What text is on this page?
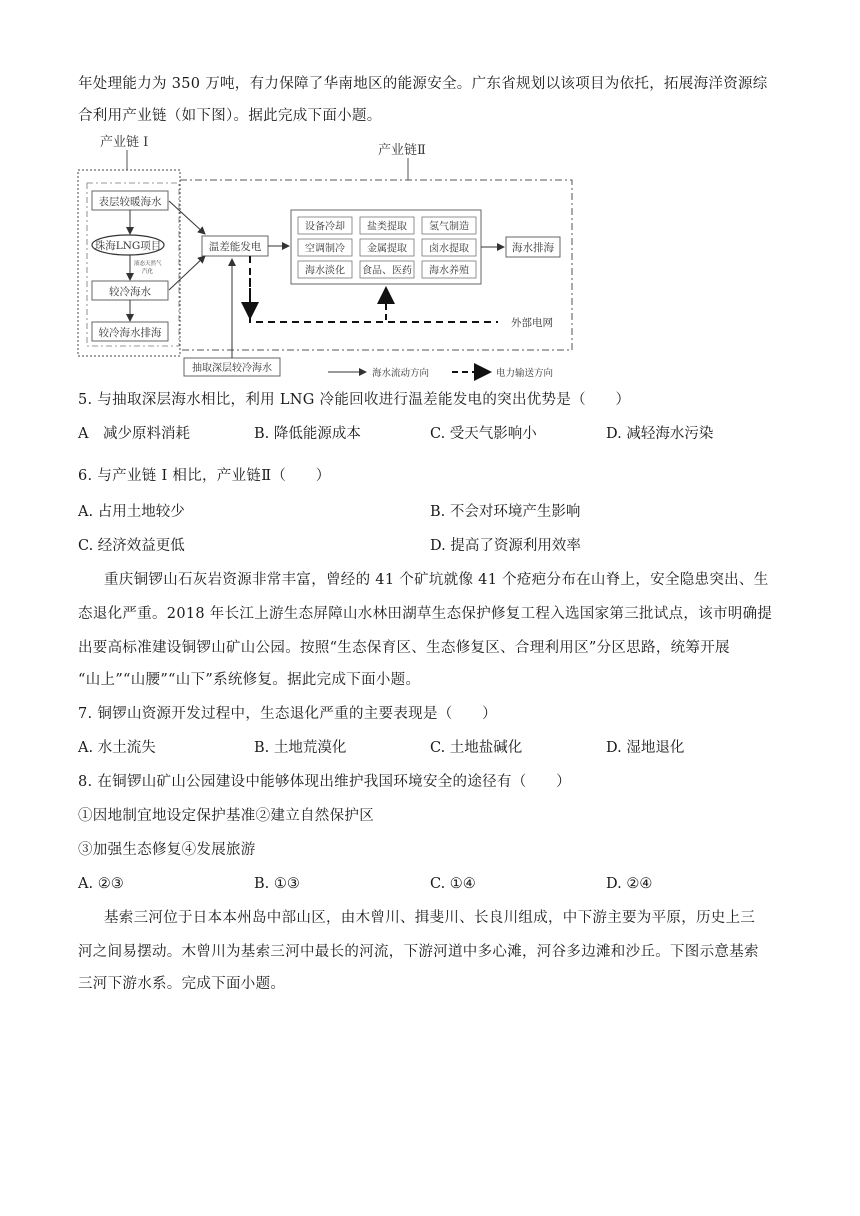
年处理能力为 350 万吨，有力保障了华南地区的能源安全。广东省规划以该项目为依托，拓展海洋资源综
合利用产业链（如下图）。据此完成下面小题。
产业链 I
产业链Ⅱ
表层较暖海水
珠海LNG项目
液态天然气
汽化
较冷海水
较冷海水排海
温差能发电
抽取深层较冷海水
设备冷却 盐类提取 氢气制造
空调制冷 金属提取 卤水提取
海水淡化 食品、医药 海水养殖
海水排海
外部电网
海水流动方向	电力输送方向
5. 与抽取深层海水相比，利用 LNG 冷能回收进行温差能发电的突出优势是（　　）
A　减少原料消耗	B. 降低能源成本	C. 受天气影响小	D. 减轻海水污染
6. 与产业链 I 相比，产业链Ⅱ（　　）
A. 占用土地较少	B. 不会对环境产生影响
C. 经济效益更低	D. 提高了资源利用效率
重庆铜锣山石灰岩资源非常丰富，曾经的 41 个矿坑就像 41 个疮疤分布在山脊上，安全隐患突出、生
态退化严重。2018 年长江上游生态屏障山水林田湖草生态保护修复工程入选国家第三批试点，该市明确提
出要高标准建设铜锣山矿山公园。按照“生态保育区、生态修复区、合理利用区”分区思路，统筹开展
“山上”“山腰”“山下”系统修复。据此完成下面小题。
7. 铜锣山资源开发过程中，生态退化严重的主要表现是（　　）
A. 水土流失	B. 土地荒漠化	C. 土地盐碱化	D. 湿地退化
8. 在铜锣山矿山公园建设中能够体现出维护我国环境安全的途径有（　　）
①因地制宜地设定保护基准②建立自然保护区
③加强生态修复④发展旅游
A. ②③	B. ①③	C. ①④	D. ②④
基索三河位于日本本州岛中部山区，由木曾川、揖斐川、长良川组成，中下游主要为平原，历史上三
河之间易摆动。木曾川为基索三河中最长的河流，下游河道中多心滩，河谷多边滩和沙丘。下图示意基索
三河下游水系。完成下面小题。
